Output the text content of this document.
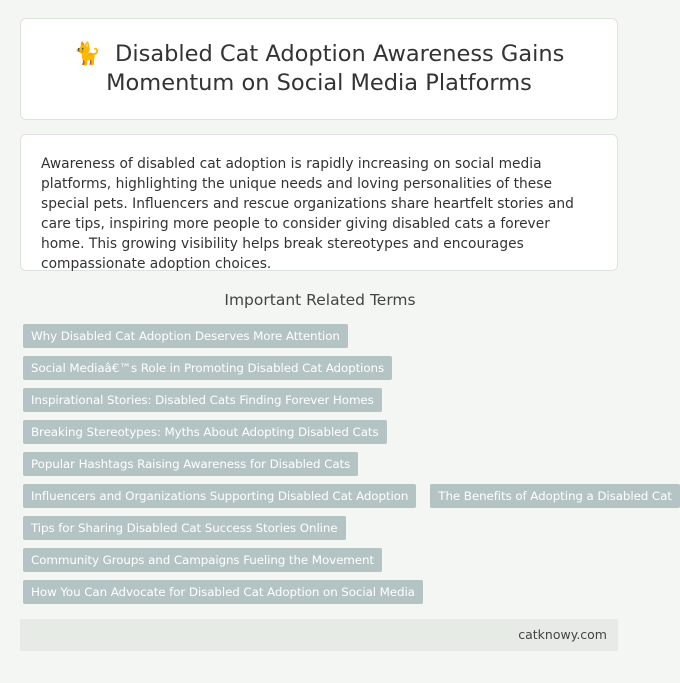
🐈 Disabled Cat Adoption Awareness Gains Momentum on Social Media Platforms

Awareness of disabled cat adoption is rapidly increasing on social media platforms, highlighting the unique needs and loving personalities of these special pets. Influencers and rescue organizations share heartfelt stories and care tips, inspiring more people to consider giving disabled cats a forever home. This growing visibility helps break stereotypes and encourages compassionate adoption choices.

Important Related Terms
Why Disabled Cat Adoption Deserves More Attention
Social Mediaâ€™s Role in Promoting Disabled Cat Adoptions
Inspirational Stories: Disabled Cats Finding Forever Homes
Breaking Stereotypes: Myths About Adopting Disabled Cats
Popular Hashtags Raising Awareness for Disabled Cats
Influencers and Organizations Supporting Disabled Cat Adoption	The Benefits of Adopting a Disabled Cat
Tips for Sharing Disabled Cat Success Stories Online
Community Groups and Campaigns Fueling the Movement
How You Can Advocate for Disabled Cat Adoption on Social Media
catknowy.com
